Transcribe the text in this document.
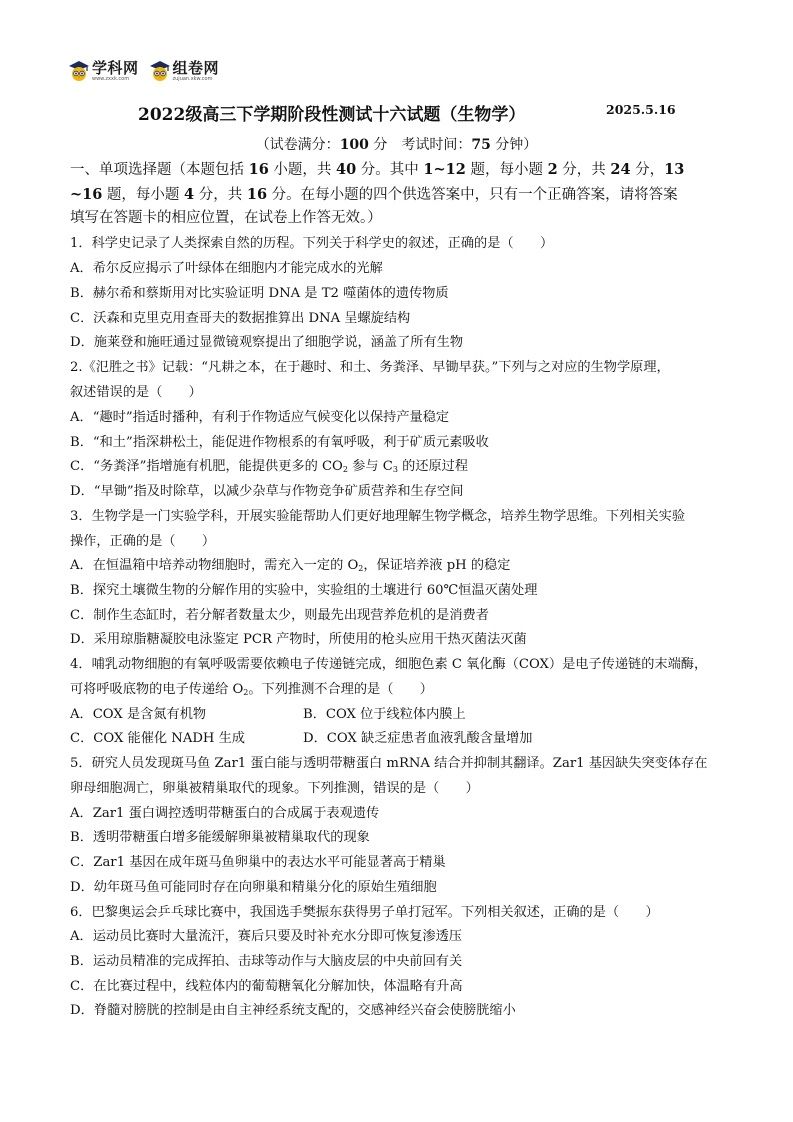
学科网
www.zxxk.com
组卷网
zujuan.xkw.com
2022级高三下学期阶段性测试十六试题（生物学）	2025.5.16
（试卷满分：100 分　考试时间：75 分钟）
一、单项选择题（本题包括 16 小题，共 40 分。其中 1~12 题，每小题 2 分，共 24 分，13
~16 题，每小题 4 分，共 16 分。在每小题的四个供选答案中，只有一个正确答案，请将答案
填写在答题卡的相应位置，在试卷上作答无效。）
1．科学史记录了人类探索自然的历程。下列关于科学史的叙述，正确的是（　　）
A．希尔反应揭示了叶绿体在细胞内才能完成水的光解
B．赫尔希和蔡斯用对比实验证明 DNA 是 T2 噬菌体的遗传物质
C．沃森和克里克用查哥夫的数据推算出 DNA 呈螺旋结构
D．施莱登和施旺通过显微镜观察提出了细胞学说，涵盖了所有生物
2.《氾胜之书》记载：“凡耕之本，在于趣时、和土、务粪泽、早锄早获。”下列与之对应的生物学原理，
叙述错误的是（　　）
A．“趣时”指适时播种，有利于作物适应气候变化以保持产量稳定
B．“和土”指深耕松土，能促进作物根系的有氧呼吸，利于矿质元素吸收
C．“务粪泽”指增施有机肥，能提供更多的 $CO_2$ 参与 $C_3$ 的还原过程
D．“早锄”指及时除草，以减少杂草与作物竞争矿质营养和生存空间
3．生物学是一门实验学科，开展实验能帮助人们更好地理解生物学概念，培养生物学思维。下列相关实验
操作，正确的是（　　）
A．在恒温箱中培养动物细胞时，需充入一定的 $O_2$，保证培养液 pH 的稳定
B．探究土壤微生物的分解作用的实验中，实验组的土壤进行 60℃恒温灭菌处理
C．制作生态缸时，若分解者数量太少，则最先出现营养危机的是消费者
D．采用琼脂糖凝胶电泳鉴定 PCR 产物时，所使用的枪头应用干热灭菌法灭菌
4．哺乳动物细胞的有氧呼吸需要依赖电子传递链完成，细胞色素 C 氧化酶（COX）是电子传递链的末端酶，
可将呼吸底物的电子传递给 $O_2$。下列推测不合理的是（　　）
A．COX 是含氮有机物	B．COX 位于线粒体内膜上
C．COX 能催化 NADH 生成	D．COX 缺乏症患者血液乳酸含量增加
5．研究人员发现斑马鱼 Zar1 蛋白能与透明带糖蛋白 mRNA 结合并抑制其翻译。Zar1 基因缺失突变体存在
卵母细胞凋亡，卵巢被精巢取代的现象。下列推测，错误的是（　　）
A．Zar1 蛋白调控透明带糖蛋白的合成属于表观遗传
B．透明带糖蛋白增多能缓解卵巢被精巢取代的现象
C．Zar1 基因在成年斑马鱼卵巢中的表达水平可能显著高于精巢
D．幼年斑马鱼可能同时存在向卵巢和精巢分化的原始生殖细胞
6．巴黎奥运会乒乓球比赛中，我国选手樊振东获得男子单打冠军。下列相关叙述，正确的是（　　）
A．运动员比赛时大量流汗，赛后只要及时补充水分即可恢复渗透压
B．运动员精准的完成挥拍、击球等动作与大脑皮层的中央前回有关
C．在比赛过程中，线粒体内的葡萄糖氧化分解加快，体温略有升高
D．脊髓对膀胱的控制是由自主神经系统支配的，交感神经兴奋会使膀胱缩小
